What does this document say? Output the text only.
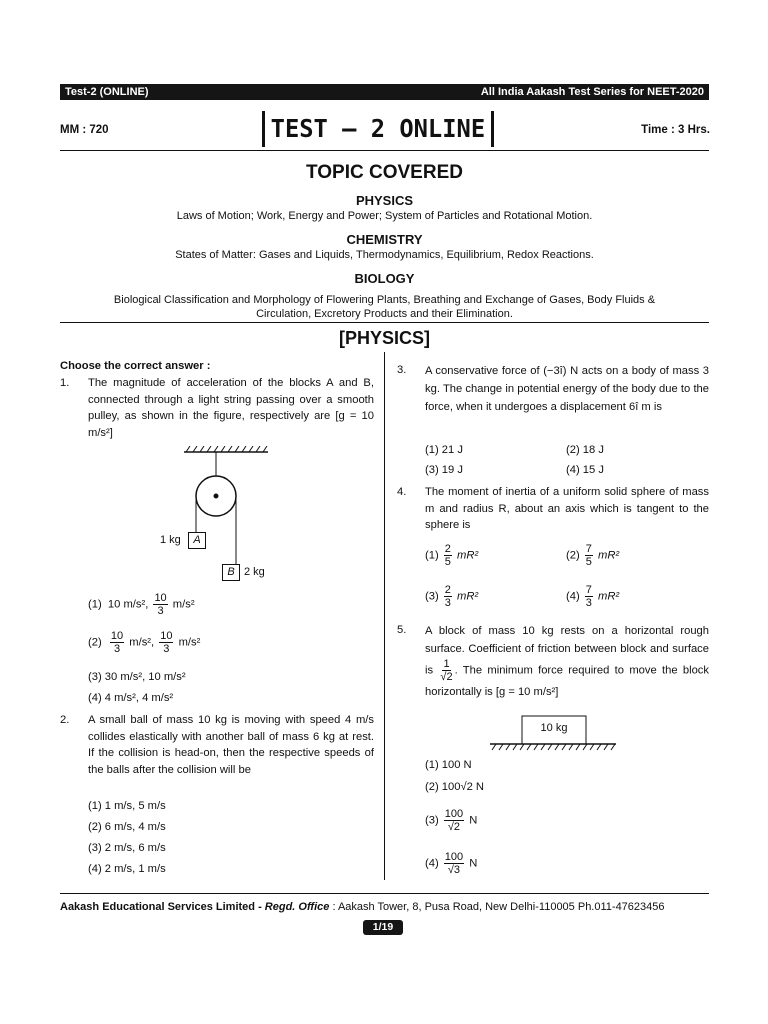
Test-2 (ONLINE)	All India Aakash Test Series for NEET-2020
MM : 720	TEST – 2 ONLINE	Time : 3 Hrs.
TOPIC COVERED
PHYSICS
Laws of Motion; Work, Energy and Power; System of Particles and Rotational Motion.
CHEMISTRY
States of Matter: Gases and Liquids, Thermodynamics, Equilibrium, Redox Reactions.
BIOLOGY
Biological Classification and Morphology of Flowering Plants, Breathing and Exchange of Gases, Body Fluids &
Circulation, Excretory Products and their Elimination.
[PHYSICS]
Choose the correct answer :
1. The magnitude of acceleration of the blocks A and B, connected through a light string passing over a smooth pulley, as shown in the figure, respectively are [g = 10 m/s²]
A
1 kg
B 2 kg
(1) 10 m/s², $\frac{10}{3} m/s^2$
$(2) \frac{10}{3} m/s^2$, $\frac{10}{3} m/s^2$
(3) 30 m/s², 10 m/s²
(4) 4 m/s², 4 m/s²
2. A small ball of mass 10 kg is moving with speed 4 m/s collides elastically with another ball of mass 6 kg at rest. If the collision is head-on, then the respective speeds of the balls after the collision will be
(1) 1 m/s, 5 m/s
(2) 6 m/s, 4 m/s
(3) 2 m/s, 6 m/s
(4) 2 m/s, 1 m/s
3. A conservative force of (−3î) N acts on a body of mass 3 kg. The change in potential energy of the body due to the force, when it undergoes a displacement 6î m is
(1) 21 J	(2) 18 J
(3) 19 J	(4) 15 J
4. The moment of inertia of a uniform solid sphere of mass m and radius R, about an axis which is tangent to the sphere is
$(1) \frac{2}{5} mR^2$	$(2) \frac{7}{5} mR^2$
$(3) \frac{2}{3} mR^2$	$(4) \frac{7}{3} mR^2$
5. A block of mass 10 kg rests on a horizontal rough surface. Coefficient of friction between block and surface is $\frac{1}{√2}$ . The minimum force required to move the block horizontally is [g = 10 m/s²]
10 kg
(1) 100 N
(2) 100√2 N
$(3) \frac{100}{√2}$ N
$(4) \frac{100}{√3}$ N
Aakash Educational Services Limited - Regd. Office : Aakash Tower, 8, Pusa Road, New Delhi-110005 Ph.011-47623456
1/19
